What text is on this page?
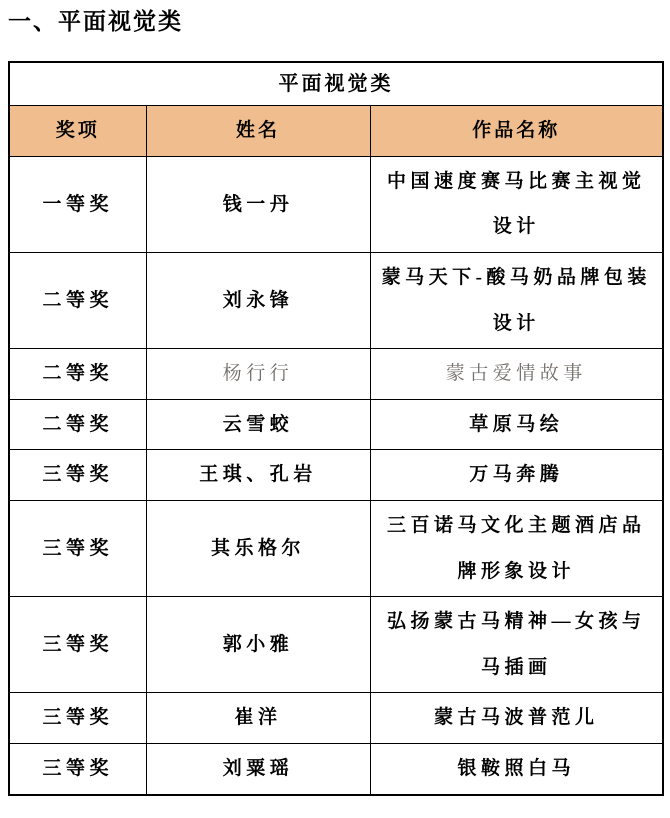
一、平面视觉类
平面视觉类		
奖项	姓名	作品名称
一等奖	钱一丹	中国速度赛马比赛主视觉设计
二等奖	刘永锋	蒙马天下-酸马奶品牌包装设计
二等奖	杨行行	蒙古爱情故事
二等奖	云雪蛟	草原马绘
三等奖	王琪、孔岩	万马奔腾
三等奖	其乐格尔	三百诺马文化主题酒店品牌形象设计
三等奖	郭小雅	弘扬蒙古马精神—女孩与马插画
三等奖	崔洋	蒙古马波普范儿
三等奖	刘粟瑶	银鞍照白马
